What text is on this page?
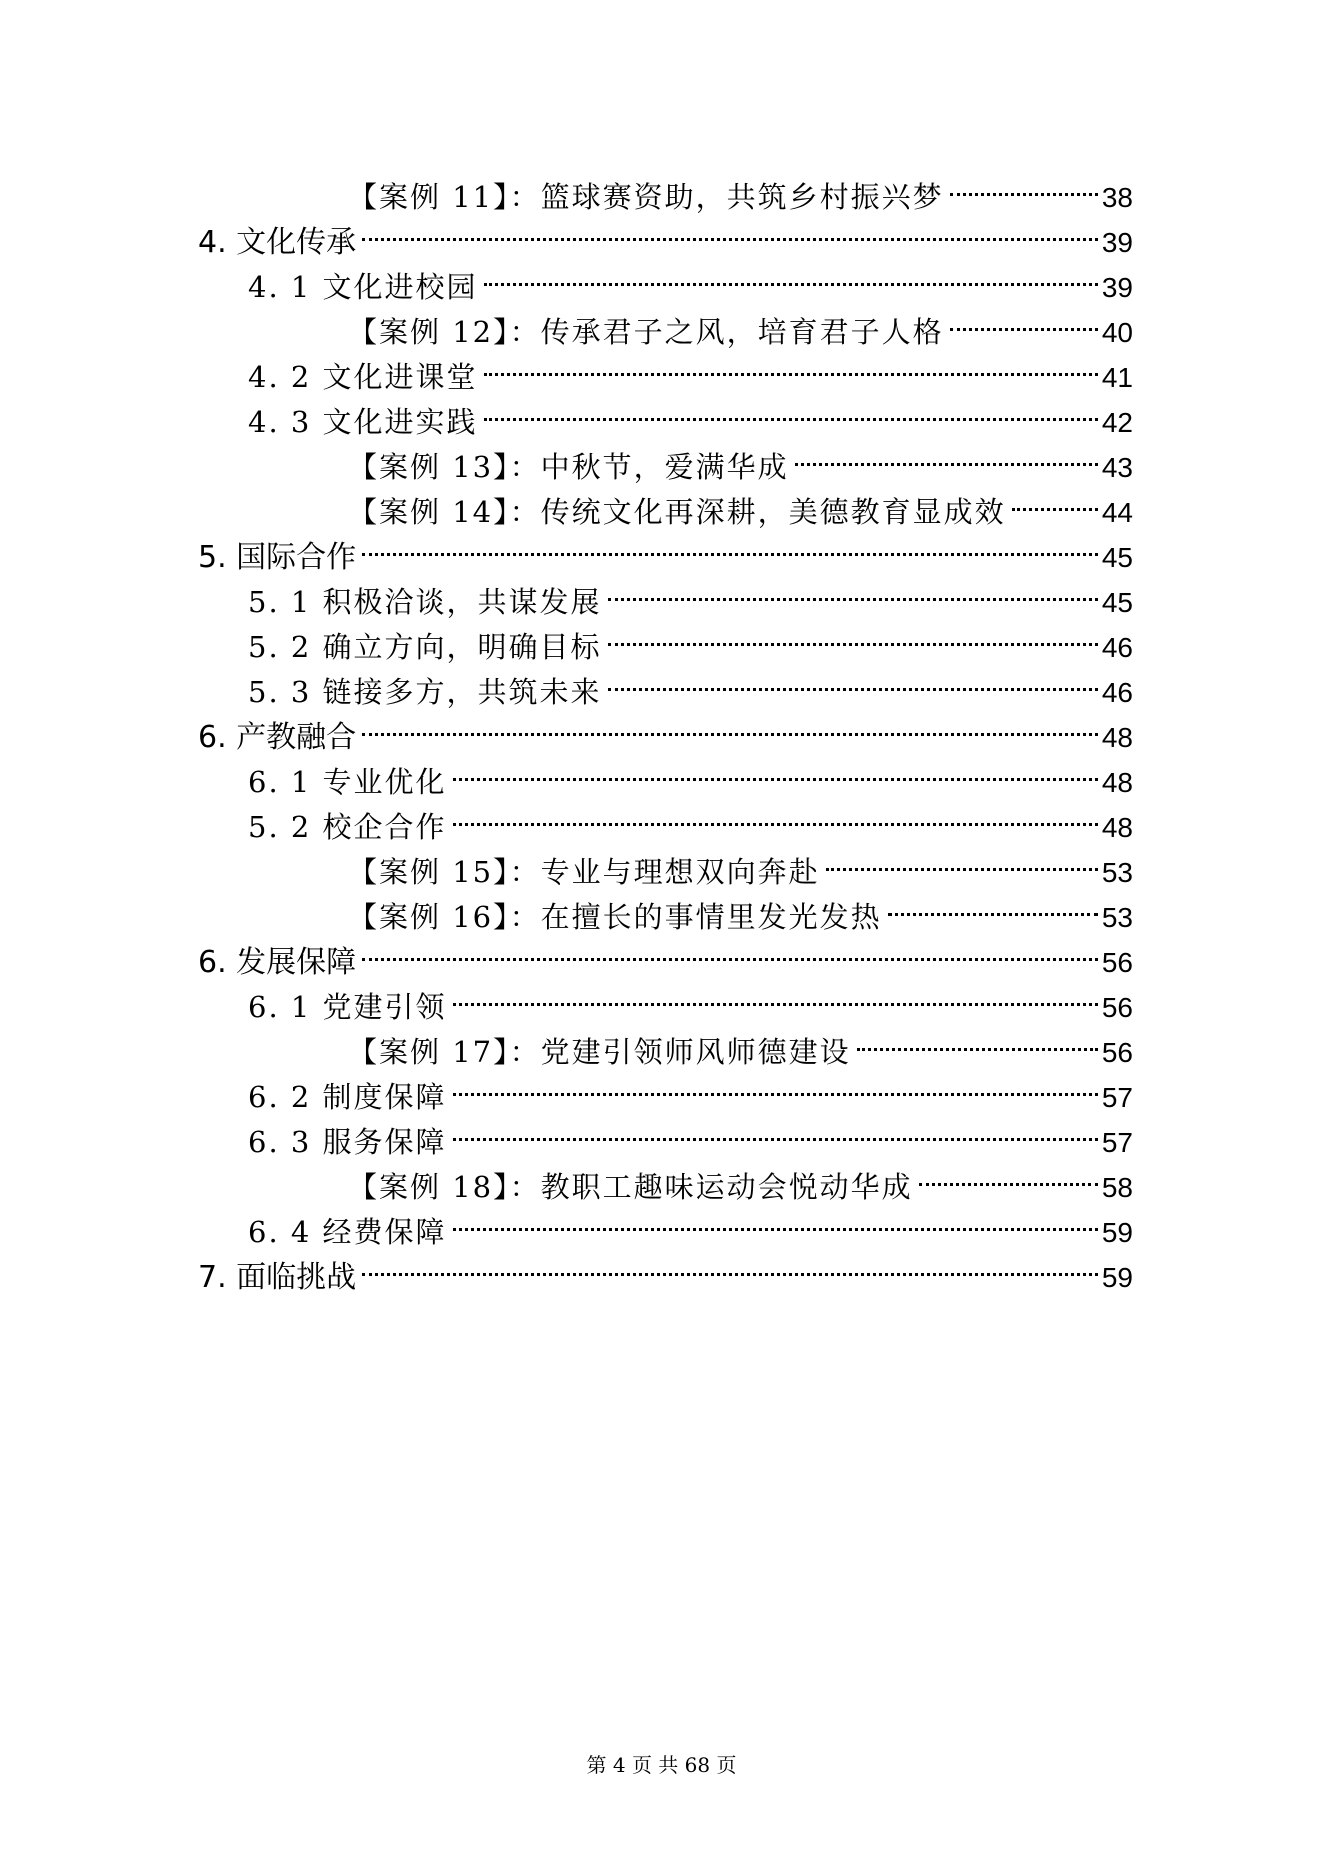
【案例 11】：篮球赛资助，共筑乡村振兴梦	38
4. 文化传承	39
4. 1 文化进校园	39
【案例 12】：传承君子之风，培育君子人格	40
4. 2 文化进课堂	41
4. 3 文化进实践	42
【案例 13】：中秋节，爱满华成	43
【案例 14】：传统文化再深耕，美德教育显成效	44
5. 国际合作	45
5. 1 积极洽谈，共谋发展	45
5. 2 确立方向，明确目标	46
5. 3 链接多方，共筑未来	46
6. 产教融合	48
6. 1 专业优化	48
5. 2 校企合作	48
【案例 15】：专业与理想双向奔赴	53
【案例 16】：在擅长的事情里发光发热	53
6. 发展保障	56
6. 1 党建引领	56
【案例 17】：党建引领师风师德建设	56
6. 2 制度保障	57
6. 3 服务保障	57
【案例 18】：教职工趣味运动会悦动华成	58
6. 4 经费保障	59
7. 面临挑战	59
第 4 页 共 68 页
